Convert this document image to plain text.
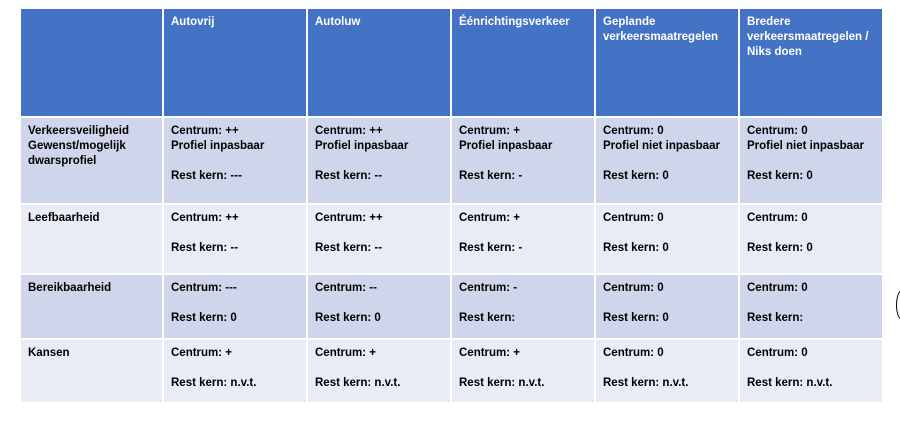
	Autovrij	Autoluw	Éénrichtingsverkeer	Geplande verkeersmaatregelen	Bredere verkeersmaatregelen / Niks doen
Verkeersveiligheid Gewenst/mogelijk dwarsprofiel	Centrum: ++
Profiel inpasbaar
Rest kern: ---	Centrum: ++
Profiel inpasbaar
Rest kern: --	Centrum: +
Profiel inpasbaar
Rest kern: -	Centrum: 0
Profiel niet inpasbaar
Rest kern: 0	Centrum: 0
Profiel niet inpasbaar
Rest kern: 0

Leefbaarheid	Centrum: ++
Rest kern: --	Centrum: ++
Rest kern: --	Centrum: +
Rest kern: -	Centrum: 0
Rest kern: 0	Centrum: 0
Rest kern: 0

Bereikbaarheid	Centrum: ---
Rest kern: 0	Centrum: --
Rest kern: 0	Centrum: -
Rest kern:	Centrum: 0
Rest kern: 0	Centrum: 0
Rest kern:

Kansen	Centrum: +
Rest kern: n.v.t.	Centrum: +
Rest kern: n.v.t.	Centrum: +
Rest kern: n.v.t.	Centrum: 0
Rest kern: n.v.t.	Centrum: 0
Rest kern: n.v.t.
